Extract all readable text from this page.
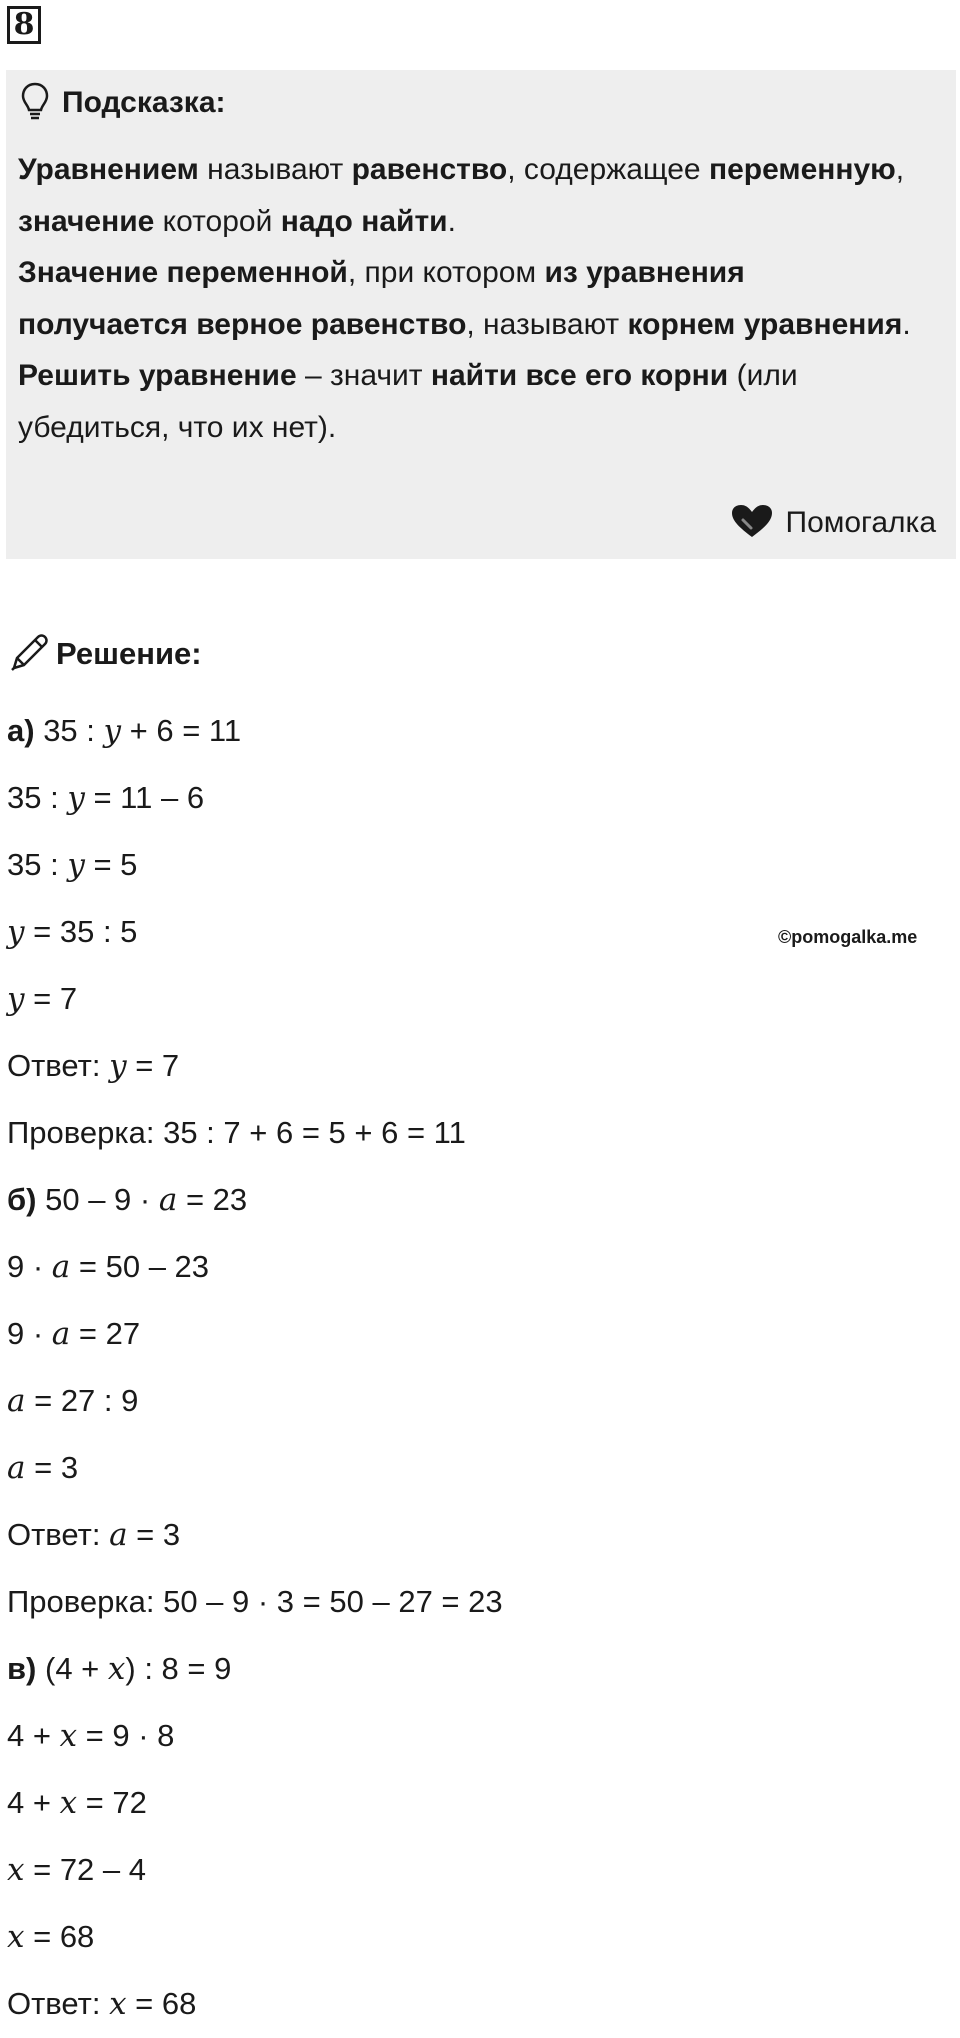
8
Подсказка:

Уравнением называют равенство, содержащее переменную, значение которой надо найти.

Значение переменной, при котором из уравнения получается верное равенство, называют корнем уравнения.

Решить уравнение – значит найти все его корни (или убедиться, что их нет).

Помогалка
Решение:
©pomogalka.me
а) 35 : y + 6 = 11
35 : y = 11 – 6
35 : y = 5
y = 35 : 5
y = 7
Ответ: y = 7
Проверка: 35 : 7 + 6 = 5 + 6 = 11
б) 50 – 9 · a = 23
9 · a = 50 – 23
9 · a = 27
a = 27 : 9
a = 3
Ответ: a = 3
Проверка: 50 – 9 · 3 = 50 – 27 = 23
в) (4 + x) : 8 = 9
4 + x = 9 · 8
4 + x = 72
x = 72 – 4
x = 68
Ответ: x = 68
